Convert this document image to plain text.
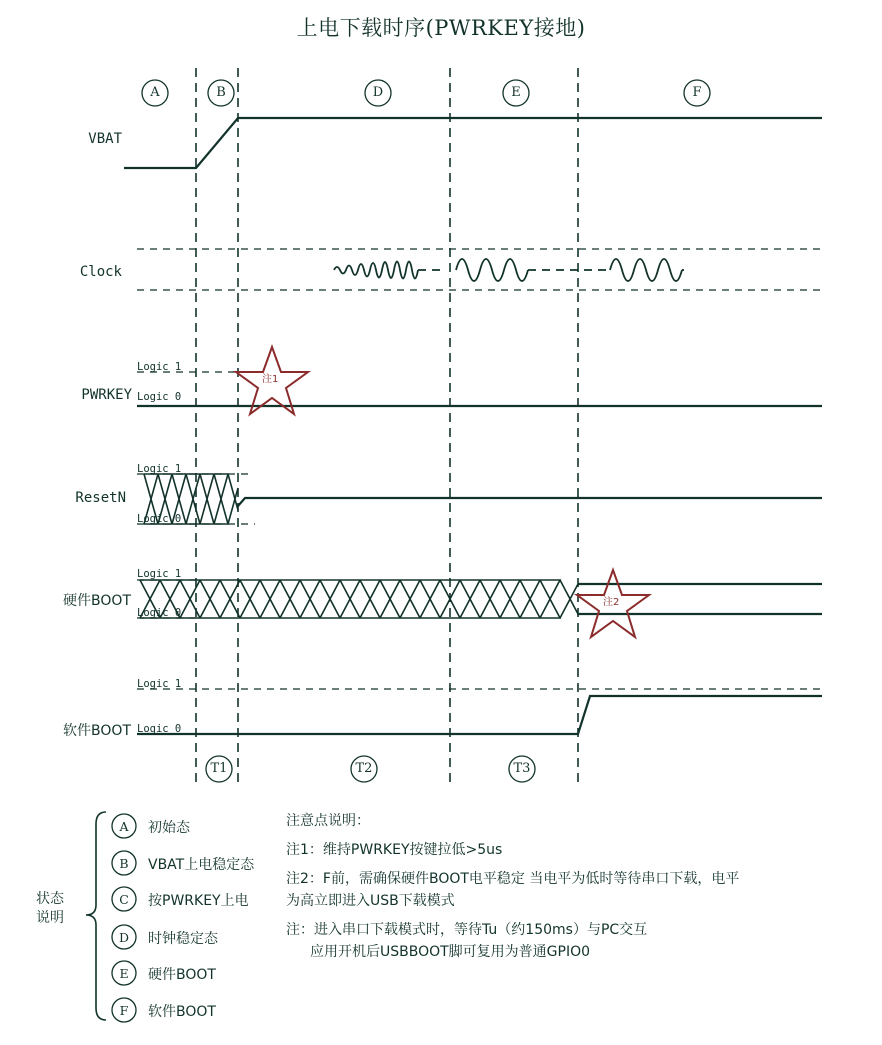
上电下载时序(PWRKEY接地)
A	B	D	E	F
VBAT
Clock
PWRKEY
ResetN
硬件BOOT
软件BOOT
Logic 1
Logic 0
Logic 1
Logic 0
Logic 1
Logic 0
Logic 1
Logic 0
T1	T2	T3
注1
注2
状态
说明
A
B
C
D
E
F
初始态
VBAT上电稳定态
按PWRKEY上电
时钟稳定态
硬件BOOT
软件BOOT
注意点说明：
注1：维持PWRKEY按键拉低>5us
注2：F前，需确保硬件BOOT电平稳定 当电平为低时等待串口下载，电平
为高立即进入USB下载模式
注：进入串口下载模式时，等待Tu（约150ms）与PC交互
应用开机后USBBOOT脚可复用为普通GPIO0
